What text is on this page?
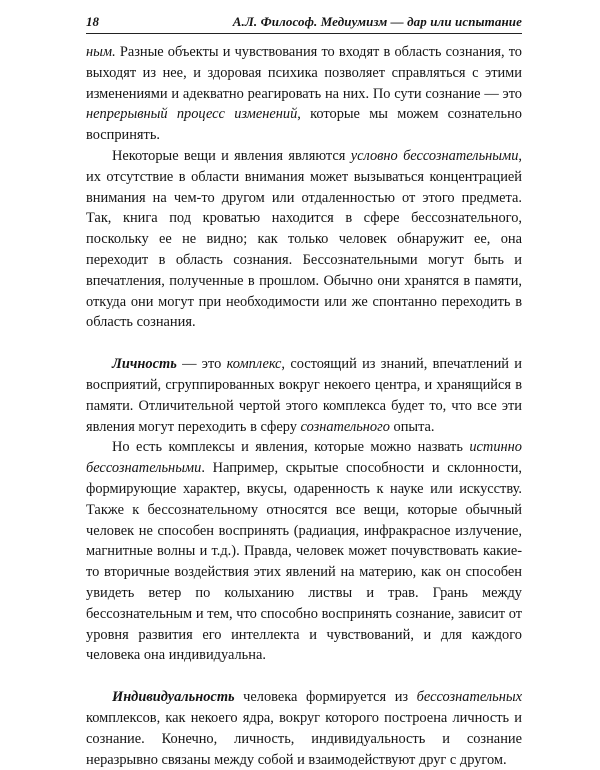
18	А.Л. Философ. Медиумизм — дар или испытание

ным. Разные объекты и чувствования то входят в область сознания, то выходят из нее, и здоровая психика позволяет справляться с этими изменениями и адекватно реагировать на них. По сути сознание — это непрерывный процесс изменений, которые мы можем сознательно воспринять.

Некоторые вещи и явления являются условно бессознательными, их отсутствие в области внимания может вызываться концентрацией внимания на чем-то другом или отдаленностью от этого предмета. Так, книга под кроватью находится в сфере бессознательного, поскольку ее не видно; как только человек обнаружит ее, она переходит в область сознания. Бессознательными могут быть и впечатления, полученные в прошлом. Обычно они хранятся в памяти, откуда они могут при необходимости или же спонтанно переходить в область сознания.

Личность — это комплекс, состоящий из знаний, впечатлений и восприятий, сгруппированных вокруг некоего центра, и хранящийся в памяти. Отличительной чертой этого комплекса будет то, что все эти явления могут переходить в сферу сознательного опыта.

Но есть комплексы и явления, которые можно назвать истинно бессознательными. Например, скрытые способности и склонности, формирующие характер, вкусы, одаренность к науке или искусству. Также к бессознательному относятся все вещи, которые обычный человек не способен воспринять (радиация, инфракрасное излучение, магнитные волны и т.д.). Правда, человек может почувствовать какие-то вторичные воздействия этих явлений на материю, как он способен увидеть ветер по колыханию листвы и трав. Грань между бессознательным и тем, что способно воспринять сознание, зависит от уровня развития его интеллекта и чувствований, и для каждого человека она индивидуальна.

Индивидуальность человека формируется из бессознательных комплексов, как некоего ядра, вокруг которого построена личность и сознание. Конечно, личность, индивидуальность и сознание неразрывно связаны между собой и взаимодействуют друг с другом.
